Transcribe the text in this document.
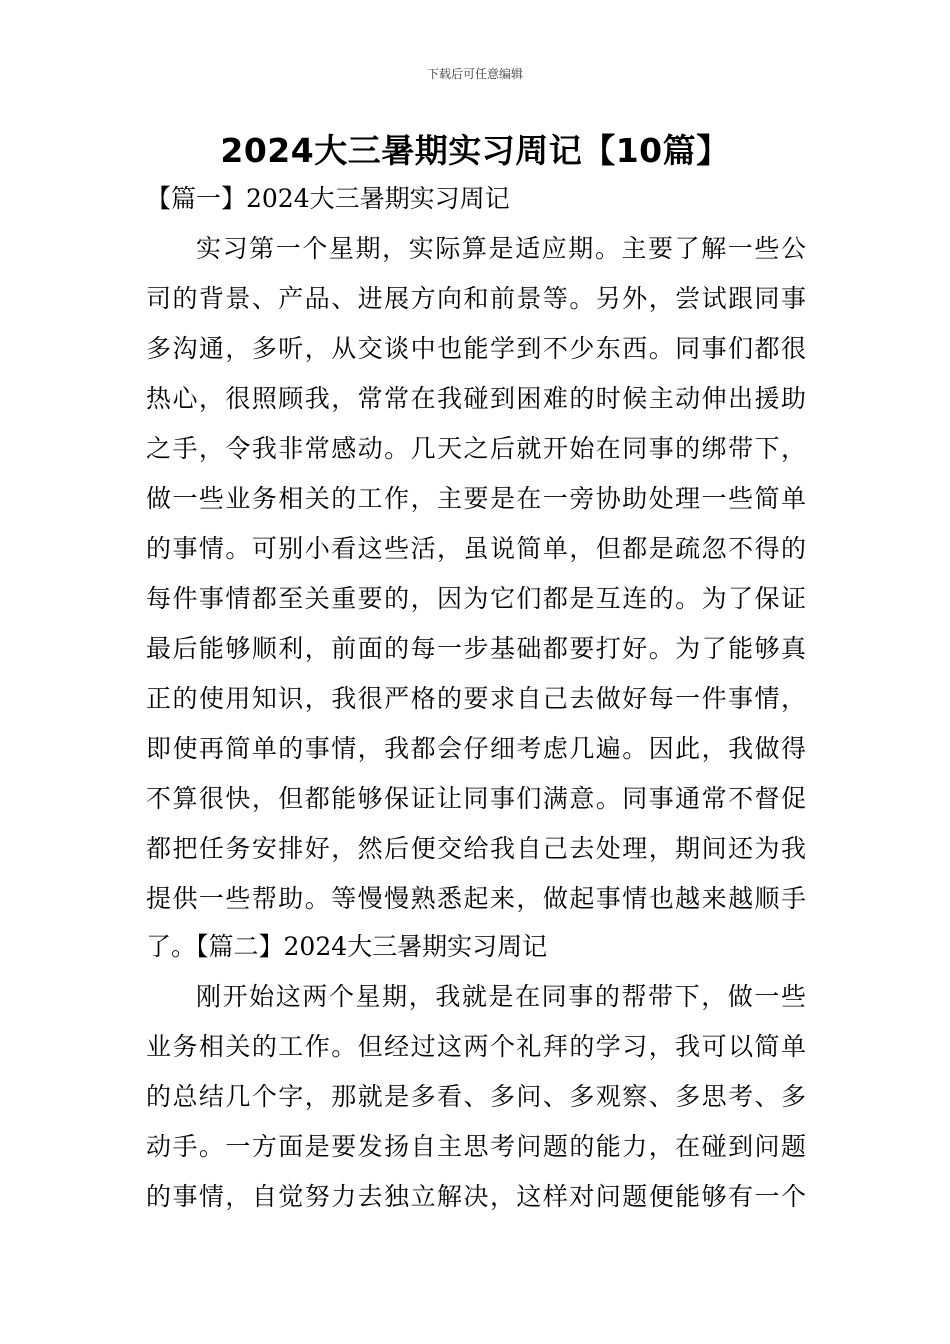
下载后可任意编辑
2024大三暑期实习周记【10篇】
【篇一】2024大三暑期实习周记
实习第一个星期，实际算是适应期。主要了解一些公
司的背景、产品、进展方向和前景等。另外，尝试跟同事
多沟通，多听，从交谈中也能学到不少东西。同事们都很
热心，很照顾我，常常在我碰到困难的时候主动伸出援助
之手，令我非常感动。几天之后就开始在同事的绑带下，
做一些业务相关的工作，主要是在一旁协助处理一些简单
的事情。可别小看这些活，虽说简单，但都是疏忽不得的
每件事情都至关重要的，因为它们都是互连的。为了保证
最后能够顺利，前面的每一步基础都要打好。为了能够真
正的使用知识，我很严格的要求自己去做好每一件事情，
即使再简单的事情，我都会仔细考虑几遍。因此，我做得
不算很快，但都能够保证让同事们满意。同事通常不督促
都把任务安排好，然后便交给我自己去处理，期间还为我
提供一些帮助。等慢慢熟悉起来，做起事情也越来越顺手
了。【篇二】2024大三暑期实习周记
刚开始这两个星期，我就是在同事的帮带下，做一些
业务相关的工作。但经过这两个礼拜的学习，我可以简单
的总结几个字，那就是多看、多问、多观察、多思考、多
动手。一方面是要发扬自主思考问题的能力，在碰到问题
的事情，自觉努力去独立解决，这样对问题便能够有一个
